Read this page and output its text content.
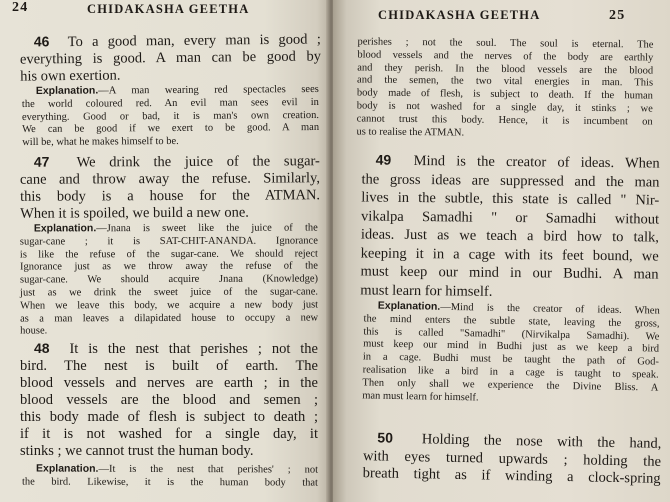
24	CHIDAKASHA GEETHA
46 To a good man, every man is good ;
everything is good. A man can be good by
his own exertion.
Explanation.—A man wearing red spectacles sees
the world coloured red. An evil man sees evil in
everything. Good or bad, it is man's own creation.
We can be good if we exert to be good. A man
will be, what he makes himself to be.
47 We drink the juice of the sugar-
cane and throw away the refuse. Similarly,
this body is a house for the ATMAN.
When it is spoiled, we build a new one.
Explanation.—Jnana is sweet like the juice of the
sugar-cane ; it is SAT-CHIT-ANANDA. Ignorance
is like the refuse of the sugar-cane. We should reject
Ignorance just as we throw away the refuse of the
sugar-cane. We should acquire Jnana (Knowledge)
just as we drink the sweet juice of the sugar-cane.
When we leave this body, we acquire a new body just
as a man leaves a dilapidated house to occupy a new
house.
48 It is the nest that perishes ; not the
bird. The nest is built of earth. The
blood vessels and nerves are earth ; in the
blood vessels are the blood and semen ;
this body made of flesh is subject to death ;
if it is not washed for a single day, it
stinks ; we cannot trust the human body.
Explanation.—It is the nest that perishes' ; not
the bird. Likewise, it is the human body that
CHIDAKASHA GEETHA	25
perishes ; not the soul. The soul is eternal. The
blood vessels and the nerves of the body are earthly
and they perish. In the blood vessels are the blood
and the semen, the two vital energies in man. This
body made of flesh, is subject to death. If the human
body is not washed for a single day, it stinks ; we
cannot trust this body. Hence, it is incumbent on
us to realise the ATMAN.
49 Mind is the creator of ideas. When
the gross ideas are suppressed and the man
lives in the subtle, this state is called " Nir-
vikalpa Samadhi " or Samadhi without
ideas. Just as we teach a bird how to talk,
keeping it in a cage with its feet bound, we
must keep our mind in our Budhi. A man
must learn for himself.
Explanation.—Mind is the creator of ideas. When
the mind enters the subtle state, leaving the gross,
this is called "Samadhi" (Nirvikalpa Samadhi). We
must keep our mind in Budhi just as we keep a bird
in a cage. Budhi must be taught the path of God-
realisation like a bird in a cage is taught to speak.
Then only shall we experience the Divine Bliss. A
man must learn for himself.
50 Holding the nose with the hand,
with eyes turned upwards ; holding the
breath tight as if winding a clock-spring
